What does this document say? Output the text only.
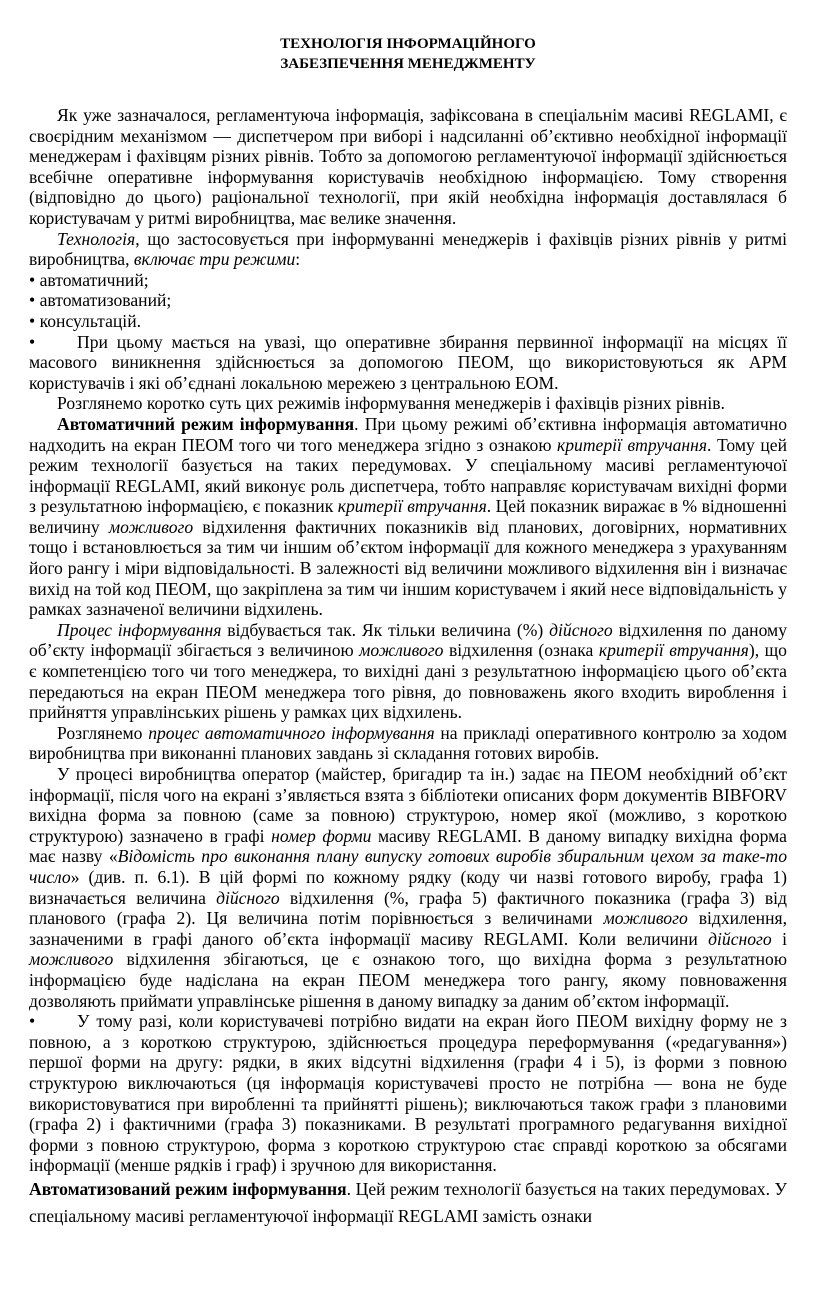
ТЕХНОЛОГІЯ ІНФОРМАЦІЙНОГО
ЗАБЕЗПЕЧЕННЯ МЕНЕДЖМЕНТУ

Як уже зазначалося, регламентуюча інформація, зафіксована в спеціальнім масиві REGLAMI, є своєрідним механізмом — диспетчером при виборі і надсиланні об’єктивно необхідної інформації менеджерам і фахівцям різних рівнів. Тобто за допомогою регламентуючої інформації здійснюється всебічне оперативне інформування користувачів необхідною інформацією. Тому створення (відповідно до цього) раціональної технології, при якій необхідна інформація доставлялася б користувачам у ритмі виробництва, має велике значення.

Технологія, що застосовується при інформуванні менеджерів і фахівців різних рівнів у ритмі виробництва, включає три режими:

• автоматичний;

• автоматизований;

• консультацій.

• При цьому мається на увазі, що оперативне збирання первинної інформації на місцях її масового виникнення здійснюється за допомогою ПЕОМ, що використовуються як АРМ користувачів і які об’єднані локальною мережею з центральною ЕОМ.

Розглянемо коротко суть цих режимів інформування менеджерів і фахівців різних рівнів.

Автоматичний режим інформування. При цьому режимі об’єктивна інформація автоматично надходить на екран ПЕОМ того чи того менеджера згідно з ознакою критерії втручання. Тому цей режим технології базується на таких передумовах. У спеціальному масиві регламентуючої інформації REGLAMI, який виконує роль диспетчера, тобто направляє користувачам вихідні форми з результатною інформацією, є показник критерії втручання. Цей показник виражає в % відношенні величину можливого відхилення фактичних показників від планових, договірних, нормативних тощо і встановлюється за тим чи іншим об’єктом інформації для кожного менеджера з урахуванням його рангу і міри відповідальності. В залежності від величини можливого відхилення він і визначає вихід на той код ПЕОМ, що закріплена за тим чи іншим користувачем і який несе відповідальність у рамках зазначеної величини відхилень.

Процес інформування відбувається так. Як тільки величина (%) дійсного відхилення по даному об’єкту інформації збігається з величиною можливого відхилення (ознака критерії втручання), що є компетенцією того чи того менеджера, то вихідні дані з результатною інформацією цього об’єкта передаються на екран ПЕОМ менеджера того рівня, до повноважень якого входить вироблення і прийняття управлінських рішень у рамках цих відхилень.

Розглянемо процес автоматичного інформування на прикладі оперативного контролю за ходом виробництва при виконанні планових завдань зі складання готових виробів.

У процесі виробництва оператор (майстер, бригадир та ін.) задає на ПЕОМ необхідний об’єкт інформації, після чого на екрані з’являється взята з бібліотеки описаних форм документів BIBFORV вихідна форма за повною (саме за повною) структурою, номер якої (можливо, з короткою структурою) зазначено в графі номер форми масиву REGLAMI. В даному випадку вихідна форма має назву «Відомість про виконання плану випуску готових виробів збиральним цехом за таке-то число» (див. п. 6.1). В цій формі по кожному рядку (коду чи назві готового виробу, графа 1) визначається величина дійсного відхилення (%, графа 5) фактичного показника (графа 3) від планового (графа 2). Ця величина потім порівнюється з величинами можливого відхилення, зазначеними в графі даного об’єкта інформації масиву REGLAMI. Коли величини дійсного і можливого відхилення збігаються, це є ознакою того, що вихідна форма з результатною інформацією буде надіслана на екран ПЕОМ менеджера того рангу, якому повноваження дозволяють приймати управлінське рішення в даному випадку за даним об’єктом інформації.

• У тому разі, коли користувачеві потрібно видати на екран його ПЕОМ вихідну форму не з повною, а з короткою структурою, здійснюється процедура переформування («редагування») першої форми на другу: рядки, в яких відсутні відхилення (графи 4 і 5), із форми з повною структурою виключаються (ця інформація користувачеві просто не потрібна — вона не буде використовуватися при виробленні та прийнятті рішень); виключаються також графи з плановими (графа 2) і фактичними (графа 3) показниками. В результаті програмного редагування вихідної форми з повною структурою, форма з короткою структурою стає справді короткою за обсягами інформації (менше рядків і граф) і зручною для використання.

Автоматизований режим інформування. Цей режим технології базується на таких передумовах. У спеціальному масиві регламентуючої інформації REGLAMI замість ознаки
